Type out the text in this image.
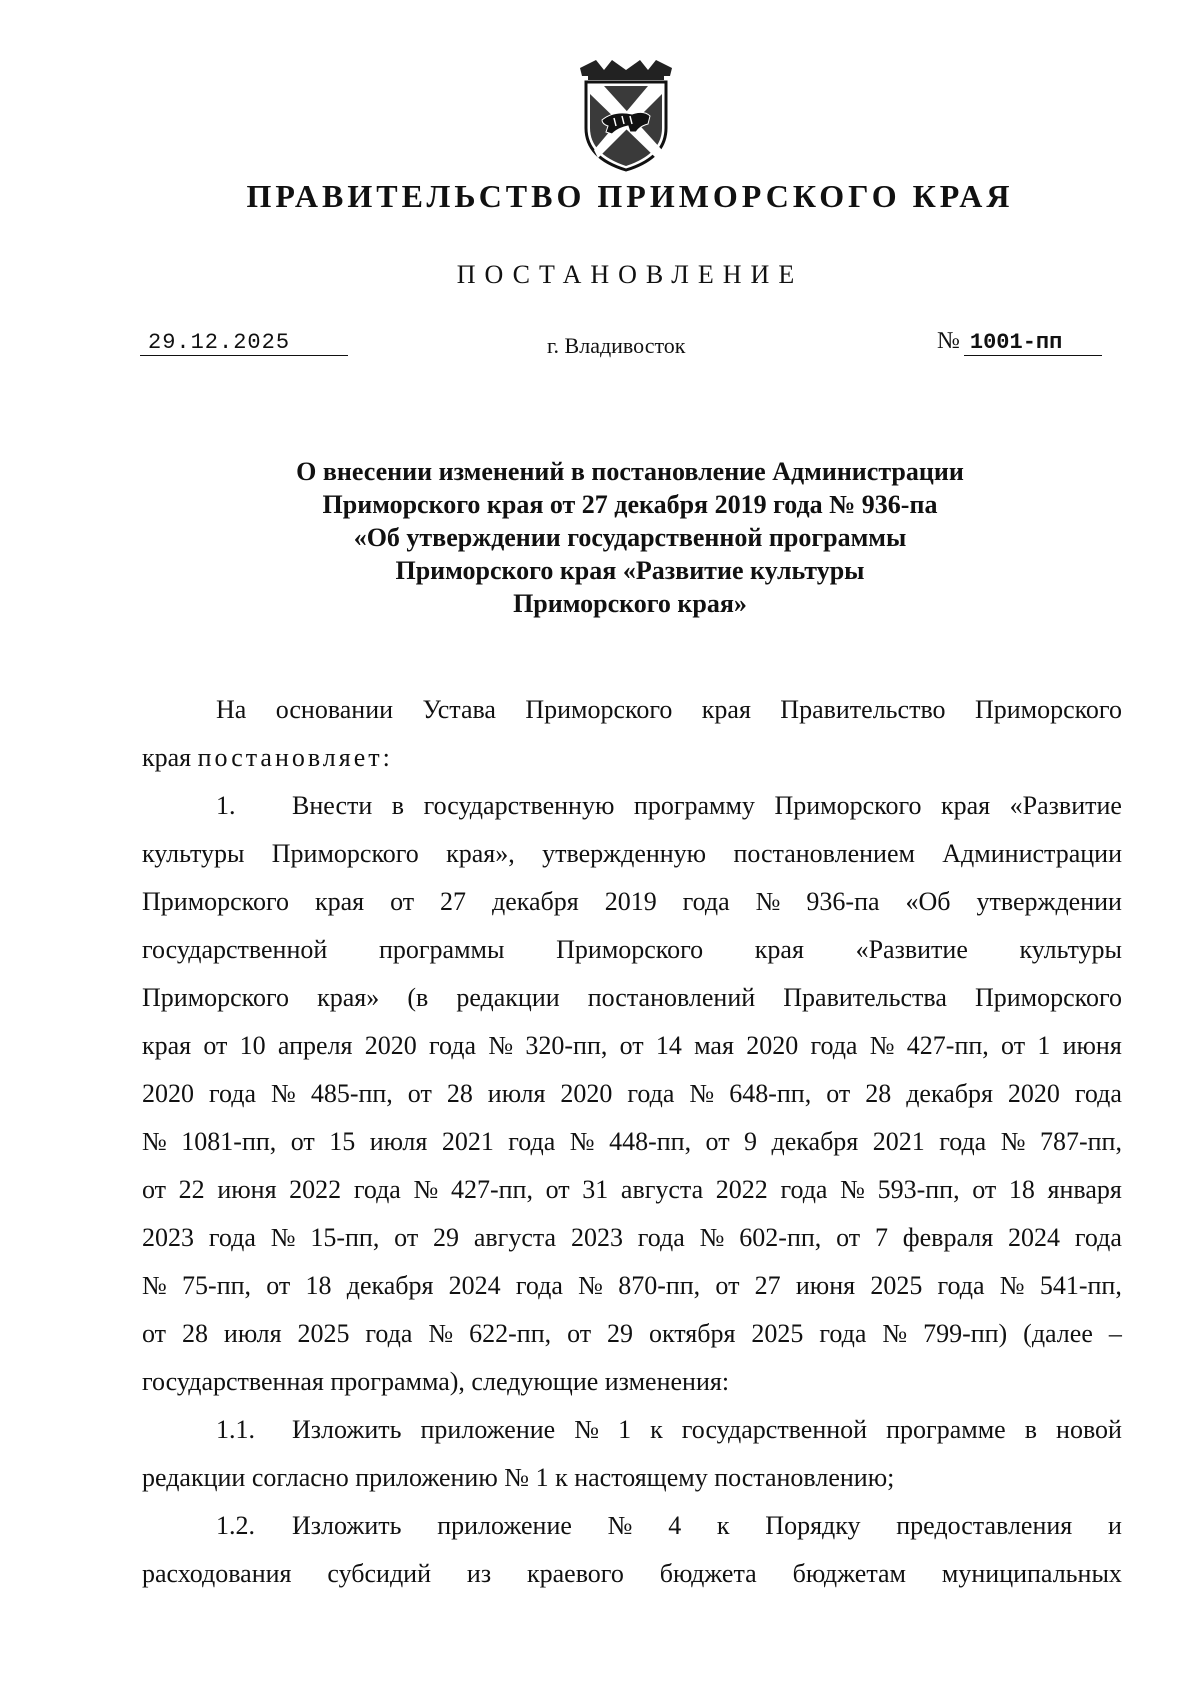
ПРАВИТЕЛЬСТВО ПРИМОРСКОГО КРАЯ
ПОСТАНОВЛЕНИЕ
29.12.2025	г. Владивосток	№ 1001-пп
О внесении изменений в постановление Администрации
Приморского края от 27 декабря 2019 года № 936-па
«Об утверждении государственной программы
Приморского края «Развитие культуры
Приморского края»
На основании Устава Приморского края Правительство Приморского
края
постановляет:
1.	Внести в государственную программу Приморского края «Развитие
культуры Приморского края», утвержденную постановлением Администрации
Приморского края от 27 декабря 2019 года № 936-па «Об утверждении
государственной программы Приморского края «Развитие культуры
Приморского края» (в редакции постановлений Правительства Приморского
края от 10 апреля 2020 года № 320-пп, от 14 мая 2020 года № 427-пп, от 1 июня
2020 года № 485-пп, от 28 июля 2020 года № 648-пп, от 28 декабря 2020 года
№ 1081-пп, от 15 июля 2021 года № 448-пп, от 9 декабря 2021 года № 787-пп,
от 22 июня 2022 года № 427-пп, от 31 августа 2022 года № 593-пп, от 18 января
2023 года № 15-пп, от 29 августа 2023 года № 602-пп, от 7 февраля 2024 года
№ 75-пп, от 18 декабря 2024 года № 870-пп, от 27 июня 2025 года № 541-пп,
от 28 июля 2025 года № 622-пп, от 29 октября 2025 года № 799-пп) (далее –
государственная программа), следующие изменения:
1.1.	Изложить приложение № 1 к государственной программе в новой
редакции согласно приложению № 1 к настоящему постановлению;
1.2.	Изложить приложение № 4 к Порядку предоставления и
расходования субсидий из краевого бюджета бюджетам муниципальных
